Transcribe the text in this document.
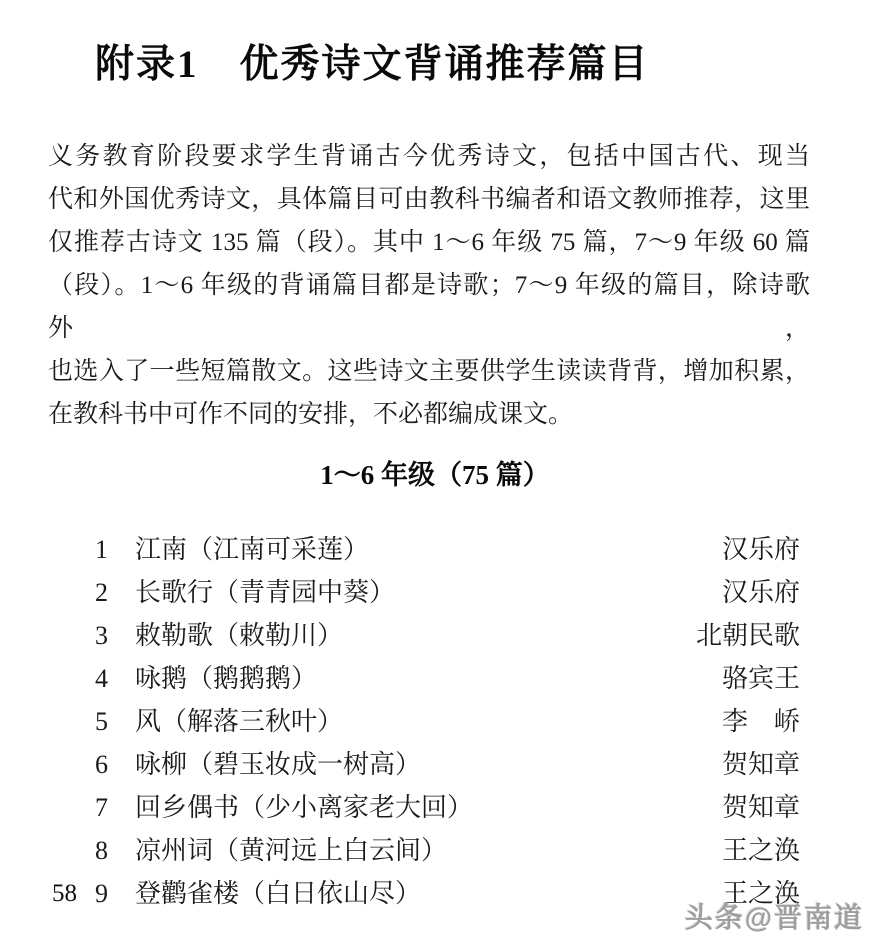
附录1　优秀诗文背诵推荐篇目
义务教育阶段要求学生背诵古今优秀诗文，包括中国古代、现当
代和外国优秀诗文，具体篇目可由教科书编者和语文教师推荐，这里
仅推荐古诗文 135 篇（段）。其中 1～6 年级 75 篇，7～9 年级 60 篇
（段）。1～6 年级的背诵篇目都是诗歌；7～9 年级的篇目，除诗歌外，
也选入了一些短篇散文。这些诗文主要供学生读读背背，增加积累，
在教科书中可作不同的安排，不必都编成课文。
1～6 年级（75 篇）
1	江南（江南可采莲）	汉乐府
2	长歌行（青青园中葵）	汉乐府
3	敕勒歌（敕勒川）	北朝民歌
4	咏鹅（鹅鹅鹅）	骆宾王
5	风（解落三秋叶）	李　峤
6	咏柳（碧玉妆成一树高）	贺知章
7	回乡偶书（少小离家老大回）	贺知章
8	凉州词（黄河远上白云间）	王之涣
9	登鹳雀楼（白日依山尽）	王之涣
58
头条@晋南道
